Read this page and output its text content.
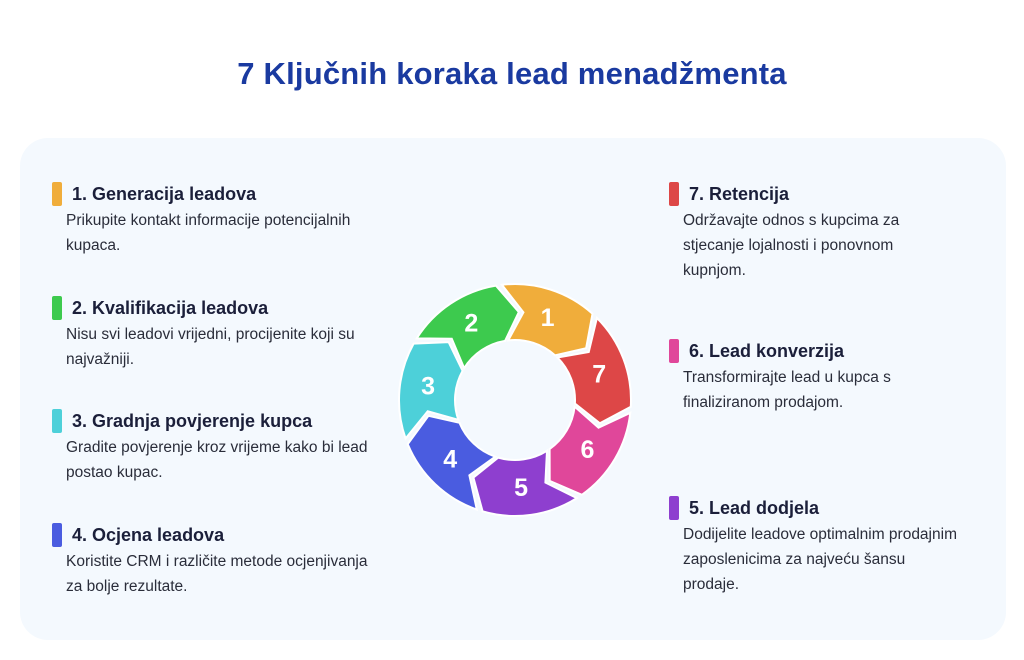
7 Ključnih koraka lead menadžmenta
1. Generacija leadova
Prikupite kontakt informacije potencijalnih kupaca.
2. Kvalifikacija leadova
Nisu svi leadovi vrijedni, procijenite koji su najvažniji.
3. Gradnja povjerenje kupca
Gradite povjerenje kroz vrijeme kako bi lead postao kupac.
4. Ocjena leadova
Koristite CRM i različite metode ocjenjivanja za bolje rezultate.
7. Retencija
Održavajte odnos s kupcima za stjecanje lojalnosti i ponovnom kupnjom.
6. Lead konverzija
Transformirajte lead u kupca s finaliziranom prodajom.
5. Lead dodjela
Dodijelite leadove optimalnim prodajnim zaposlenicima za najveću šansu prodaje.
1
7
6
5
4
3
2
